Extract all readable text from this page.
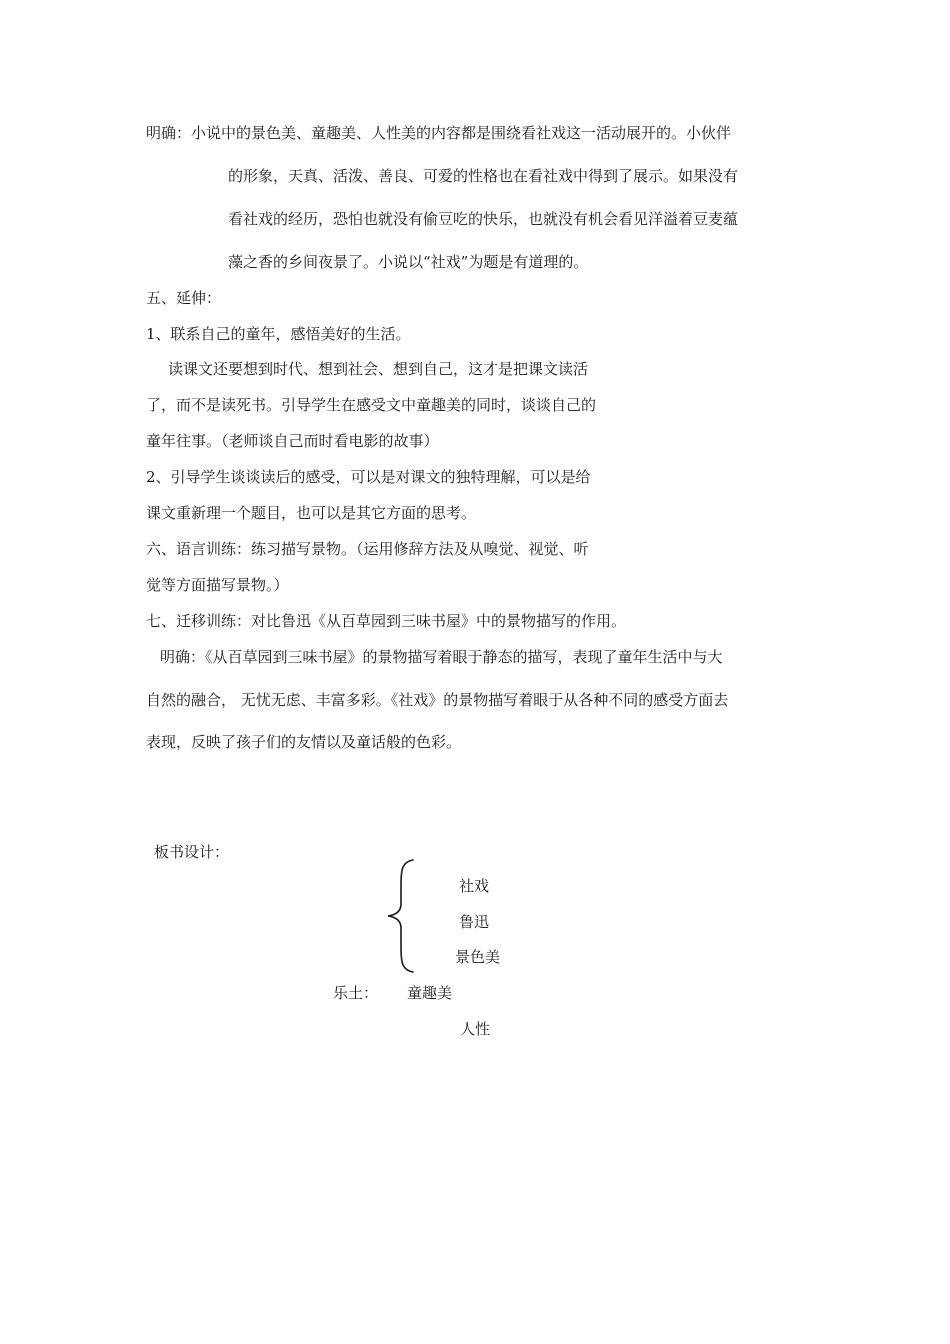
明确：小说中的景色美、童趣美、人性美的内容都是围绕看社戏这一活动展开的。小伙伴
的形象，天真、活泼、善良、可爱的性格也在看社戏中得到了展示。如果没有
看社戏的经历，恐怕也就没有偷豆吃的快乐，也就没有机会看见洋溢着豆麦蕴
藻之香的乡间夜景了。小说以“社戏”为题是有道理的。
五、延伸：
1、联系自己的童年，感悟美好的生活。
读课文还要想到时代、想到社会、想到自己，这才是把课文读活
了，而不是读死书。引导学生在感受文中童趣美的同时，谈谈自己的
童年往事。（老师谈自己而时看电影的故事）
2、引导学生谈谈读后的感受，可以是对课文的独特理解，可以是给
课文重新理一个题目，也可以是其它方面的思考。
六、语言训练：练习描写景物。（运用修辞方法及从嗅觉、视觉、听
觉等方面描写景物。）
七、迁移训练：对比鲁迅《从百草园到三味书屋》中的景物描写的作用。
明确：《从百草园到三味书屋》的景物描写着眼于静态的描写，表现了童年生活中与大
自然的融合， 无忧无虑、丰富多彩。《社戏》的景物描写着眼于从各种不同的感受方面去
表现，反映了孩子们的友情以及童话般的色彩。
板书设计：
社戏
鲁迅
景色美
乐土： 童趣美
人性
